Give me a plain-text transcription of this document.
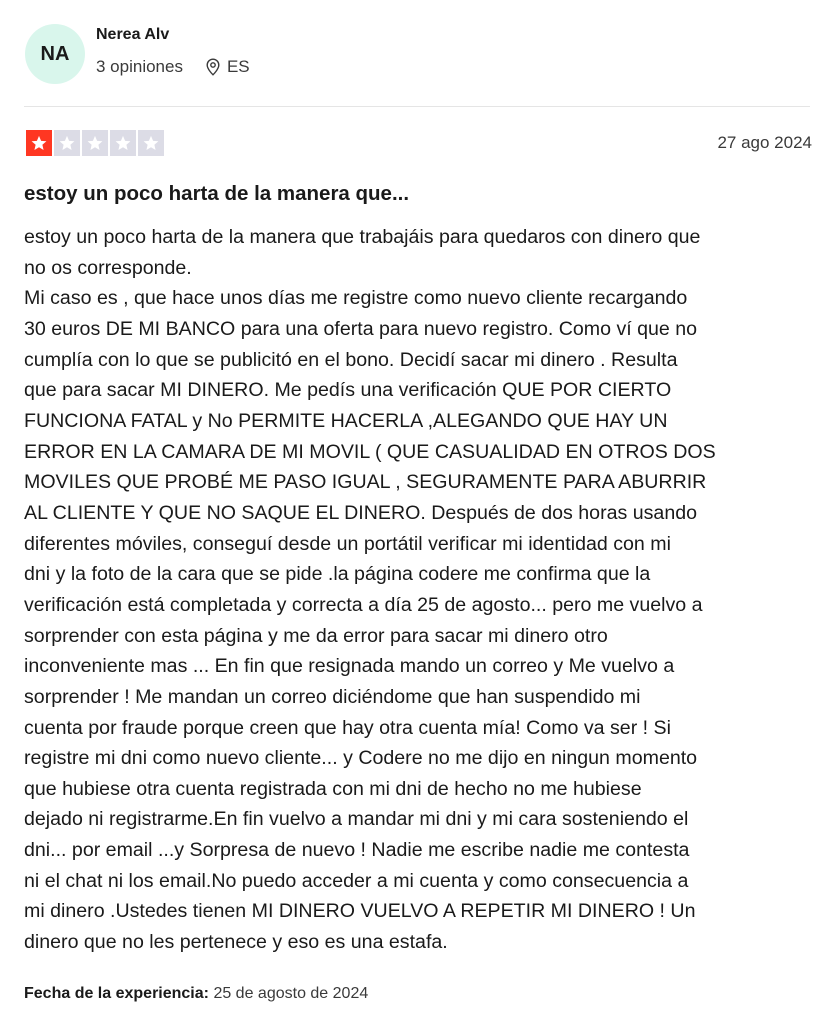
NA
Nerea Alv
3 opiniones	ES
27 ago 2024
estoy un poco harta de la manera que...
estoy un poco harta de la manera que trabajáis para quedaros con dinero que
no os corresponde.
Mi caso es , que hace unos días me registre como nuevo cliente recargando
30 euros DE MI BANCO para una oferta para nuevo registro. Como ví que no
cumplía con lo que se publicitó en el bono. Decidí sacar mi dinero . Resulta
que para sacar MI DINERO. Me pedís una verificación QUE POR CIERTO
FUNCIONA FATAL y No PERMITE HACERLA ,ALEGANDO QUE HAY UN
ERROR EN LA CAMARA DE MI MOVIL ( QUE CASUALIDAD EN OTROS DOS
MOVILES QUE PROBÉ ME PASO IGUAL , SEGURAMENTE PARA ABURRIR
AL CLIENTE Y QUE NO SAQUE EL DINERO. Después de dos horas usando
diferentes móviles, conseguí desde un portátil verificar mi identidad con mi
dni y la foto de la cara que se pide .la página codere me confirma que la
verificación está completada y correcta a día 25 de agosto... pero me vuelvo a
sorprender con esta página y me da error para sacar mi dinero otro
inconveniente mas ... En fin que resignada mando un correo y Me vuelvo a
sorprender ! Me mandan un correo diciéndome que han suspendido mi
cuenta por fraude porque creen que hay otra cuenta mía! Como va ser ! Si
registre mi dni como nuevo cliente... y Codere no me dijo en ningun momento
que hubiese otra cuenta registrada con mi dni de hecho no me hubiese
dejado ni registrarme.En fin vuelvo a mandar mi dni y mi cara sosteniendo el
dni... por email ...y Sorpresa de nuevo ! Nadie me escribe nadie me contesta
ni el chat ni los email.No puedo acceder a mi cuenta y como consecuencia a
mi dinero .Ustedes tienen MI DINERO VUELVO A REPETIR MI DINERO ! Un
dinero que no les pertenece y eso es una estafa.
Fecha de la experiencia: 25 de agosto de 2024
